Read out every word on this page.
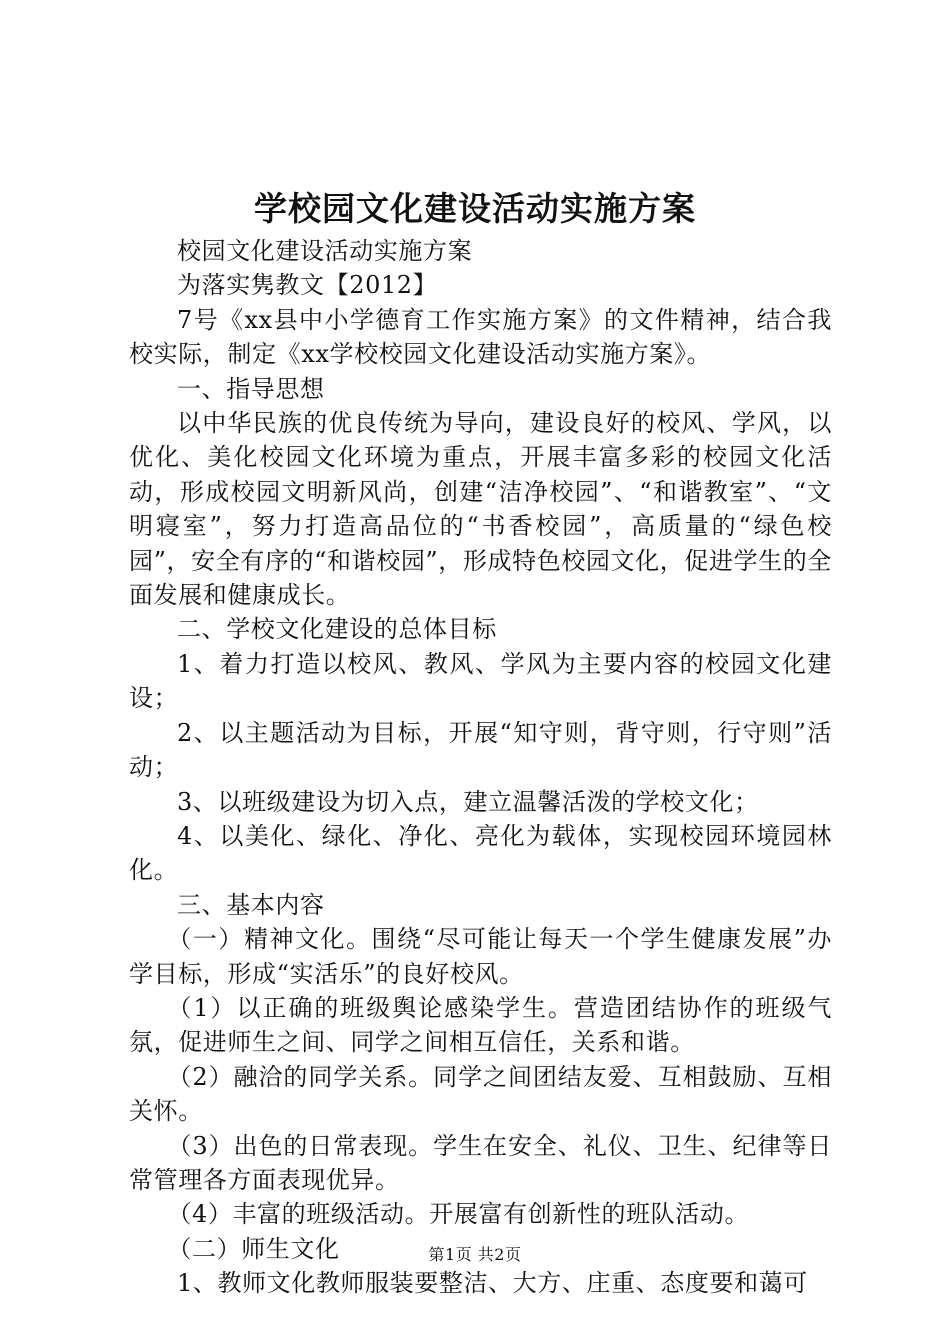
学校园文化建设活动实施方案

校园文化建设活动实施方案

为落实隽教文【2012】

7号《xx县中小学德育工作实施方案》的文件精神，结合我校实际，制定《xx学校校园文化建设活动实施方案》。

一、指导思想

以中华民族的优良传统为导向，建设良好的校风、学风，以优化、美化校园文化环境为重点，开展丰富多彩的校园文化活动，形成校园文明新风尚，创建“洁净校园”、“和谐教室”、“文明寝室”，努力打造高品位的“书香校园”，高质量的“绿色校园”，安全有序的“和谐校园”，形成特色校园文化，促进学生的全面发展和健康成长。

二、学校文化建设的总体目标

1、着力打造以校风、教风、学风为主要内容的校园文化建设；

2、以主题活动为目标，开展“知守则，背守则，行守则”活动；

3、以班级建设为切入点，建立温馨活泼的学校文化；

4、以美化、绿化、净化、亮化为载体，实现校园环境园林化。

三、基本内容

（一）精神文化。围绕“尽可能让每天一个学生健康发展”办学目标，形成“实活乐”的良好校风。

（1）以正确的班级舆论感染学生。营造团结协作的班级气氛，促进师生之间、同学之间相互信任，关系和谐。

（2）融洽的同学关系。同学之间团结友爱、互相鼓励、互相关怀。

（3）出色的日常表现。学生在安全、礼仪、卫生、纪律等日常管理各方面表现优异。

（4）丰富的班级活动。开展富有创新性的班队活动。

（二）师生文化

1、教师文化教师服装要整洁、大方、庄重、态度要和蔼可

第1页 共2页
